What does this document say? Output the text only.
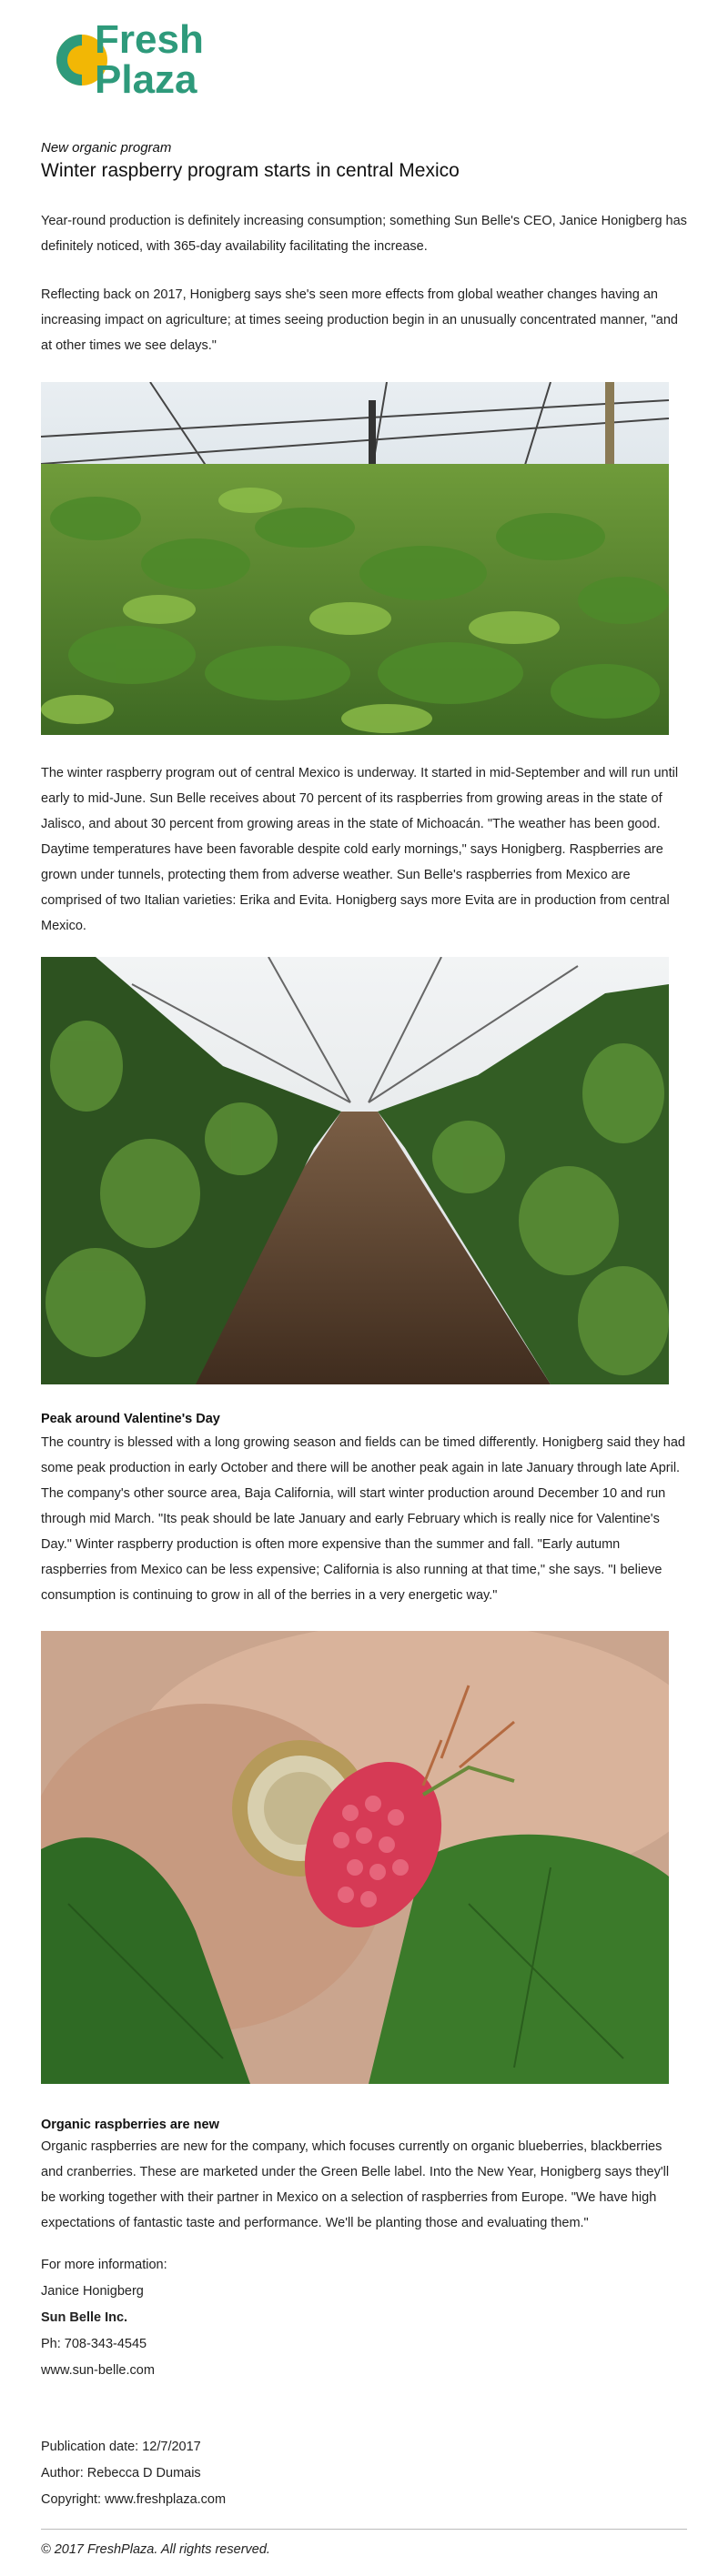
Fresh
Plaza
New organic program
Winter raspberry program starts in central Mexico

Year-round production is definitely increasing consumption; something Sun Belle's CEO, Janice Honigberg has definitely noticed, with 365-day availability facilitating the increase.

Reflecting back on 2017, Honigberg says she's seen more effects from global weather changes having an increasing impact on agriculture; at times seeing production begin in an unusually concentrated manner, "and at other times we see delays."

The winter raspberry program out of central Mexico is underway. It started in mid-September and will run until early to mid-June. Sun Belle receives about 70 percent of its raspberries from growing areas in the state of Jalisco, and about 30 percent from growing areas in the state of Michoacán. "The weather has been good. Daytime temperatures have been favorable despite cold early mornings," says Honigberg. Raspberries are grown under tunnels, protecting them from adverse weather. Sun Belle's raspberries from Mexico are comprised of two Italian varieties: Erika and Evita. Honigberg says more Evita are in production from central Mexico.

Peak around Valentine's Day

The country is blessed with a long growing season and fields can be timed differently. Honigberg said they had some peak production in early October and there will be another peak again in late January through late April. The company's other source area, Baja California, will start winter production around December 10 and run through mid March. "Its peak should be late January and early February which is really nice for Valentine's Day." Winter raspberry production is often more expensive than the summer and fall. "Early autumn raspberries from Mexico can be less expensive; California is also running at that time," she says. "I believe consumption is continuing to grow in all of the berries in a very energetic way."

Organic raspberries are new

Organic raspberries are new for the company, which focuses currently on organic blueberries, blackberries and cranberries. These are marketed under the Green Belle label. Into the New Year, Honigberg says they'll be working together with their partner in Mexico on a selection of raspberries from Europe. "We have high expectations of fantastic taste and performance. We'll be planting those and evaluating them."

For more information:
Janice Honigberg
Sun Belle Inc.
Ph: 708-343-4545
www.sun-belle.com
Publication date: 12/7/2017
Author: Rebecca D Dumais
Copyright: www.freshplaza.com
© 2017 FreshPlaza. All rights reserved.
